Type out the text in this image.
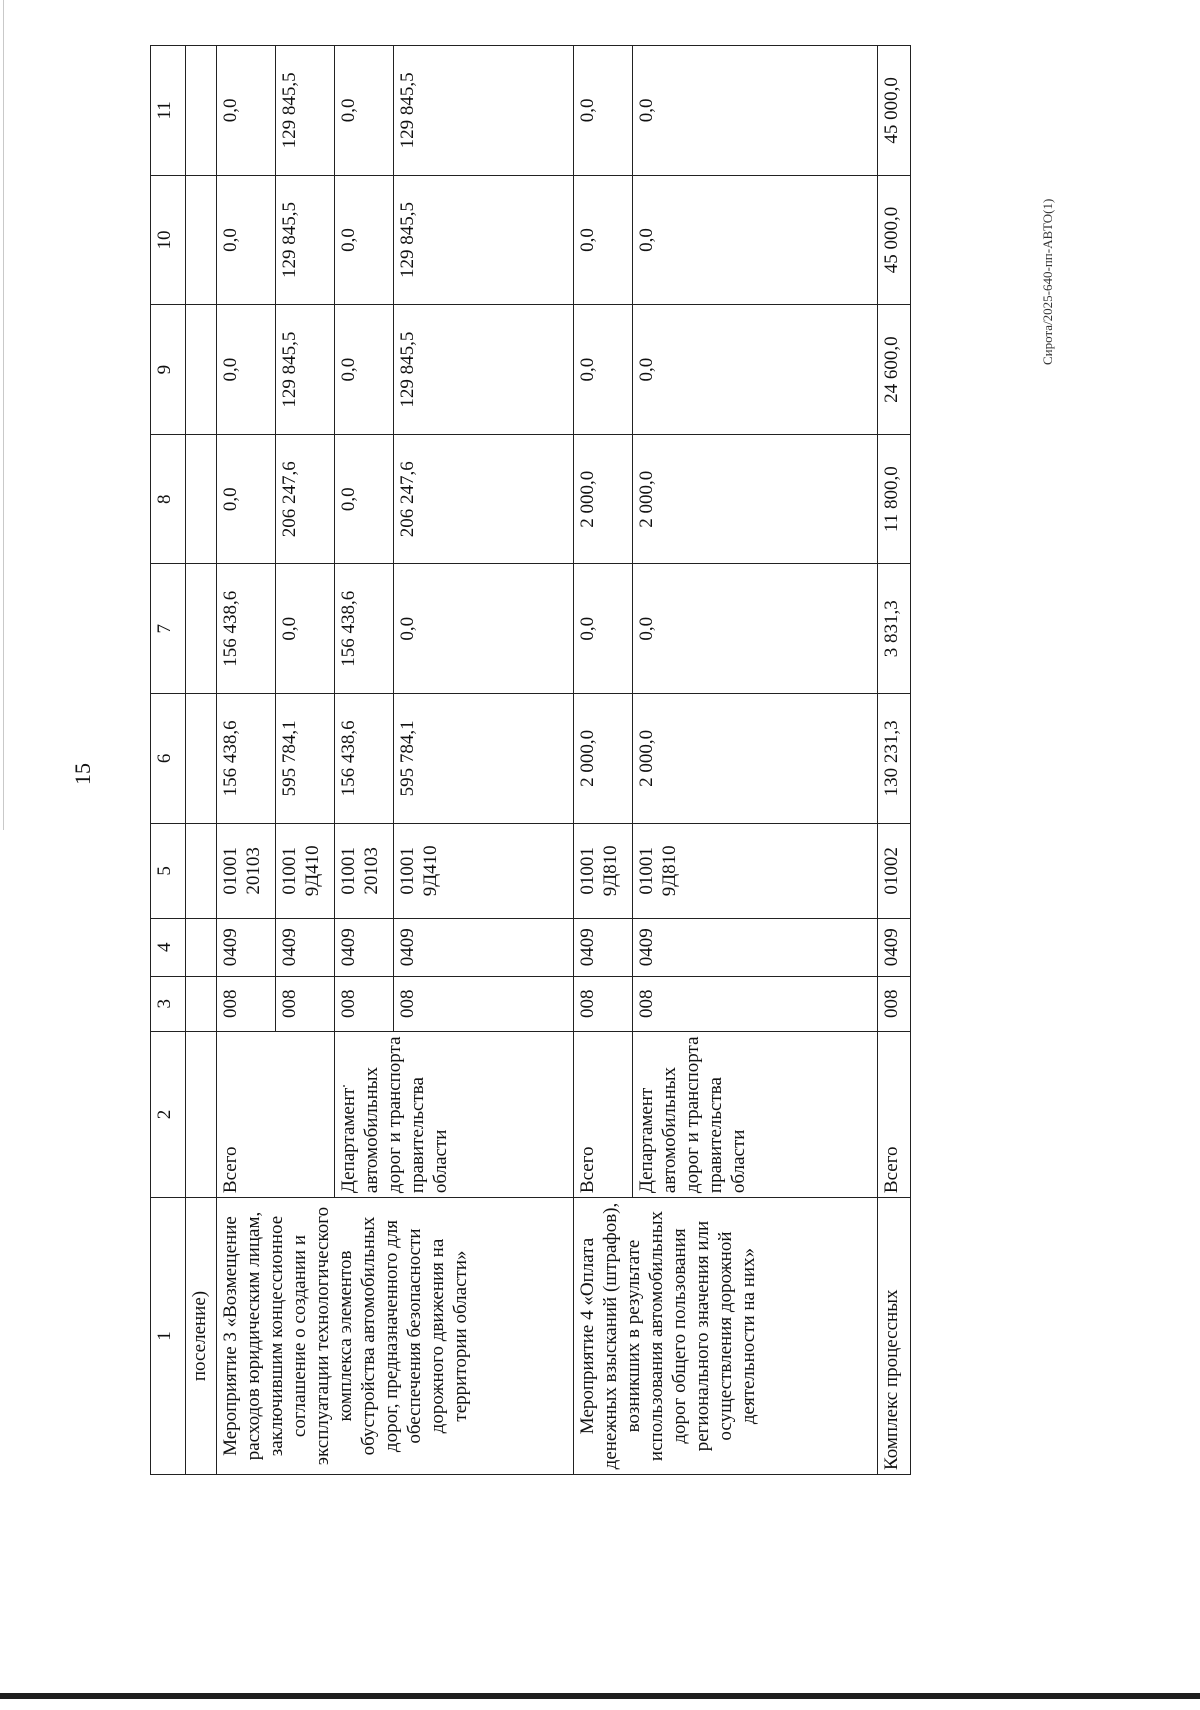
15
1	2	3	4	5	6	7	8	9	10	11
поселение)										
Мероприятие 3 «Возмещение расходов юридическим лицам, заключившим концессионное соглашение о создании и эксплуатации технологического комплекса элементов обустройства автомобильных дорог, предназначенного для обеспечения безопасности дорожного движения на территории области»	Всего	008	0409	01001 20103	156 438,6	156 438,6	0,0	0,0	0,0	0,0
		008	0409	01001 9Д410	595 784,1	0,0	206 247,6	129 845,5	129 845,5	129 845,5
	Департамент автомобильных дорог и транспорта правительства области	008	0409	01001 20103	156 438,6	156 438,6	0,0	0,0	0,0	0,0
		008	0409	01001 9Д410	595 784,1	0,0	206 247,6	129 845,5	129 845,5	129 845,5
Мероприятие 4 «Оплата денежных взысканий (штрафов), возникших в результате использования автомобильных дорог общего пользования регионального значения или осуществления дорожной деятельности на них»	Всего	008	0409	01001 9Д810	2 000,0	0,0	2 000,0	0,0	0,0	0,0
	Департамент автомобильных дорог и транспорта правительства области	008	0409	01001 9Д810	2 000,0	0,0	2 000,0	0,0	0,0	0,0
Комплекс процессных	Всего	008	0409	01002	130 231,3	3 831,3	11 800,0	24 600,0	45 000,0	45 000,0
Сирота/2025-640-пп-АВТО(1)
